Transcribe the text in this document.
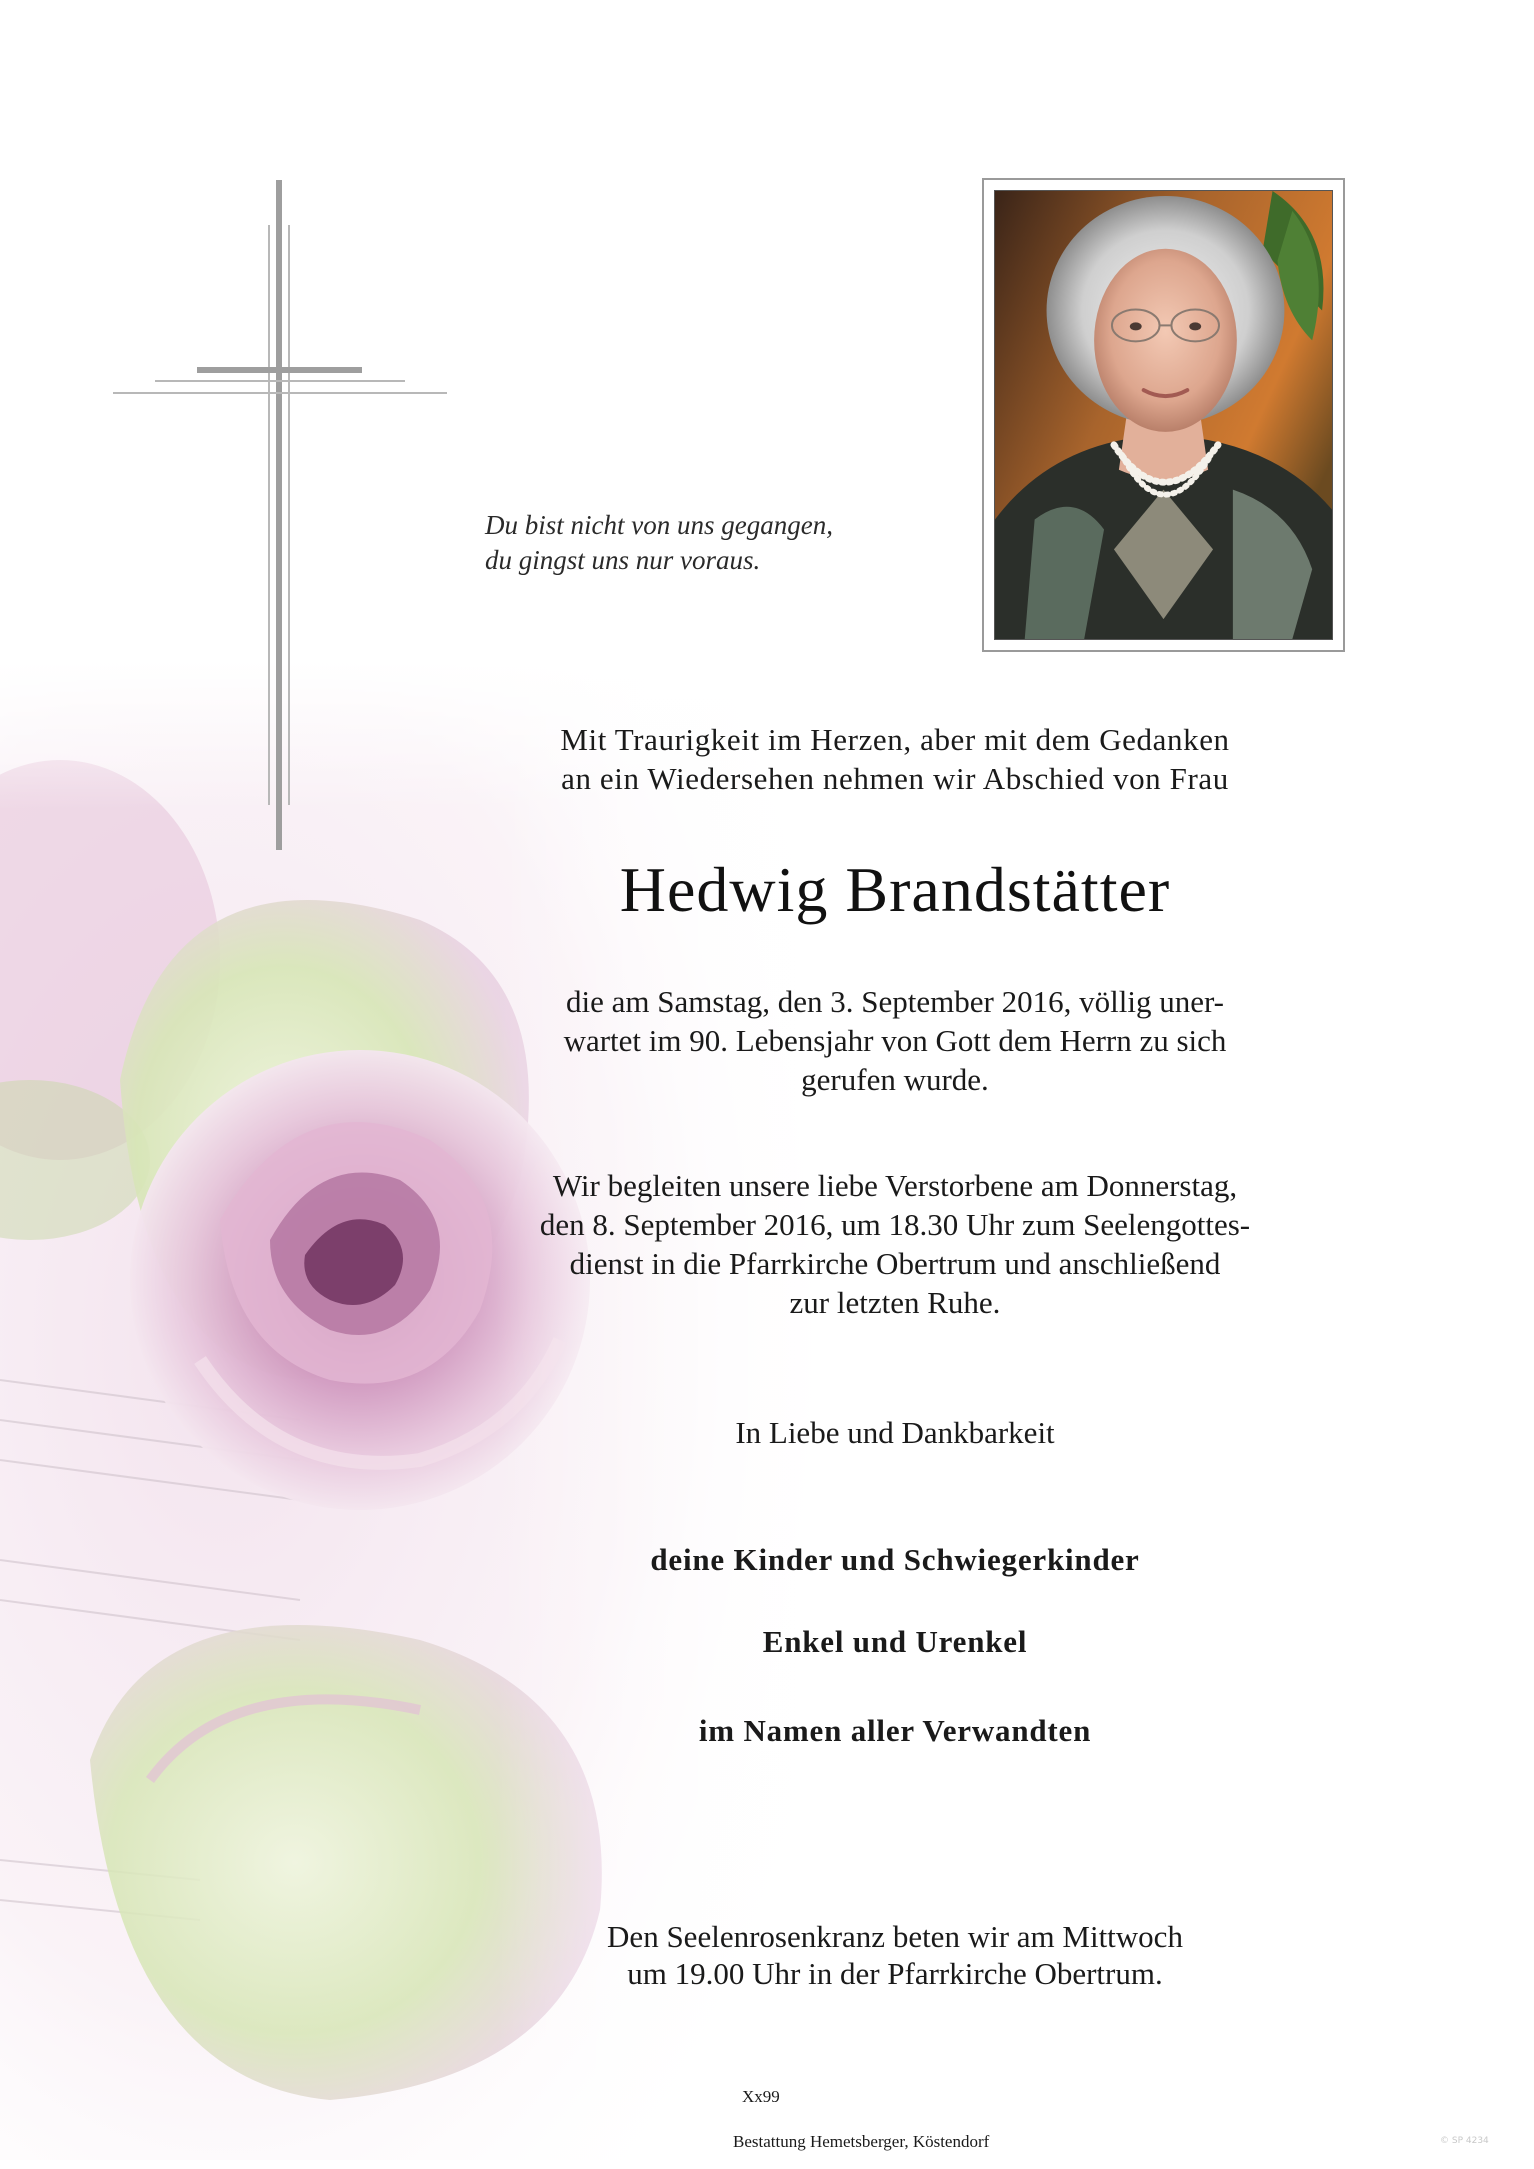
Du bist nicht von uns gegangen,
du gingst uns nur voraus.
Mit Traurigkeit im Herzen, aber mit dem Gedanken
an ein Wiedersehen nehmen wir Abschied von Frau
Hedwig Brandstätter
die am Samstag, den 3. September 2016, völlig uner-
wartet im 90. Lebensjahr von Gott dem Herrn zu sich
gerufen wurde.
Wir begleiten unsere liebe Verstorbene am Donnerstag,
den 8. September 2016, um 18.30 Uhr zum Seelengottes-
dienst in die Pfarrkirche Obertrum und anschließend
zur letzten Ruhe.
In Liebe und Dankbarkeit
deine Kinder und Schwiegerkinder
Enkel und Urenkel
im Namen aller Verwandten
Den Seelenrosenkranz beten wir am Mittwoch
um 19.00 Uhr in der Pfarrkirche Obertrum.
Xx99
Bestattung Hemetsberger, Köstendorf	© SP 4234
